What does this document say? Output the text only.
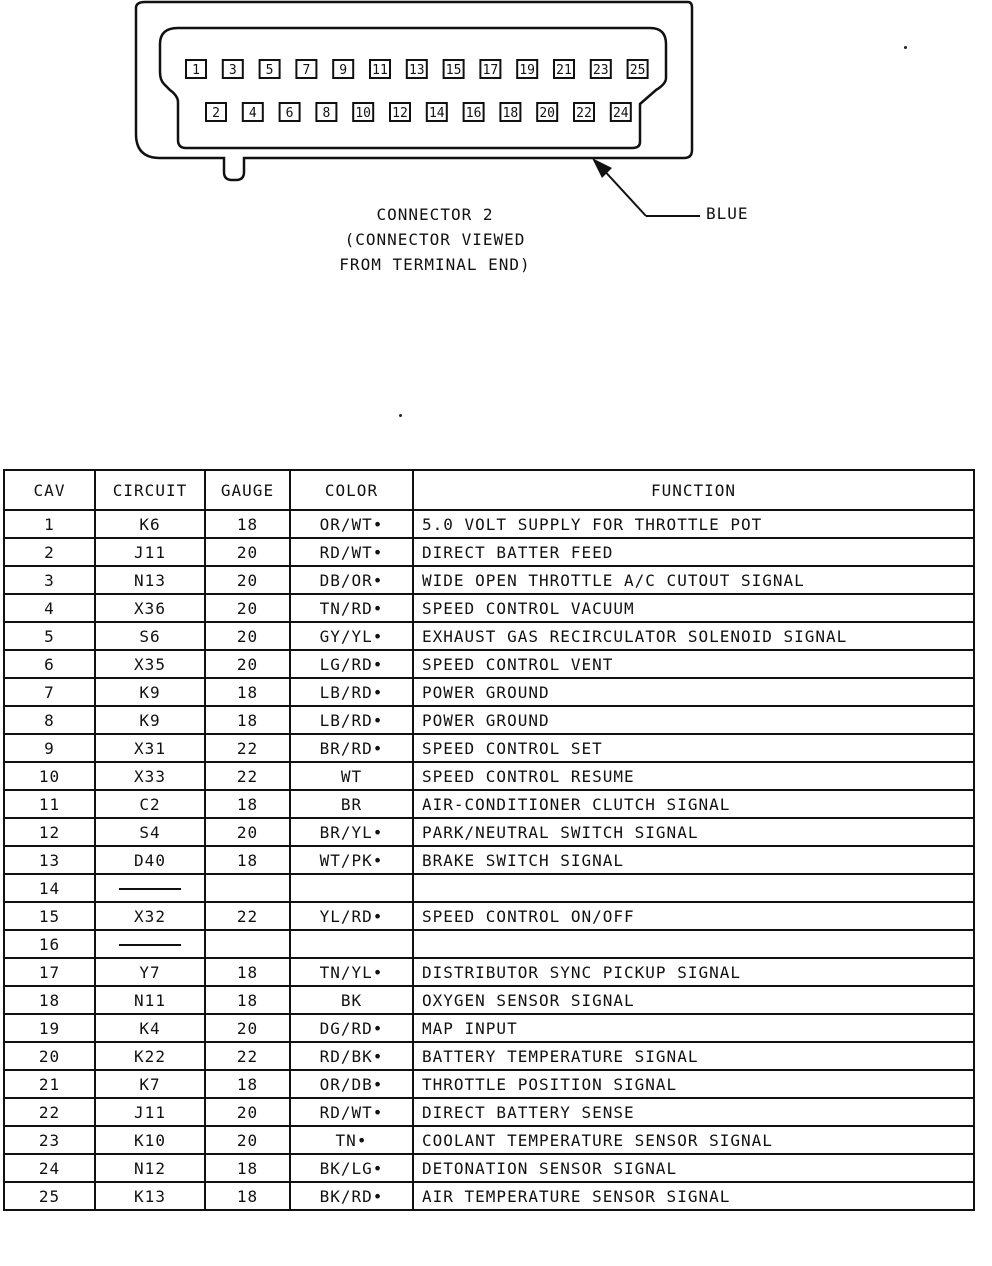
1 3 5 7 9 11 13 15 17 19 21 23 25
2 4 6 8 10 12 14 16 18 20 22 24
CONNECTOR 2
(CONNECTOR VIEWED
FROM TERMINAL END)
BLUE
CAV	CIRCUIT	GAUGE	COLOR	FUNCTION
1	K6	18	OR/WT•	5.0 VOLT SUPPLY FOR THROTTLE POT
2	J11	20	RD/WT•	DIRECT BATTER FEED
3	N13	20	DB/OR•	WIDE OPEN THROTTLE A/C CUTOUT SIGNAL
4	X36	20	TN/RD•	SPEED CONTROL VACUUM
5	S6	20	GY/YL•	EXHAUST GAS RECIRCULATOR SOLENOID SIGNAL
6	X35	20	LG/RD•	SPEED CONTROL VENT
7	K9	18	LB/RD•	POWER GROUND
8	K9	18	LB/RD•	POWER GROUND
9	X31	22	BR/RD•	SPEED CONTROL SET
10	X33	22	WT	SPEED CONTROL RESUME
11	C2	18	BR	AIR-CONDITIONER CLUTCH SIGNAL
12	S4	20	BR/YL•	PARK/NEUTRAL SWITCH SIGNAL
13	D40	18	WT/PK•	BRAKE SWITCH SIGNAL
14				
15	X32	22	YL/RD•	SPEED CONTROL ON/OFF
16				
17	Y7	18	TN/YL•	DISTRIBUTOR SYNC PICKUP SIGNAL
18	N11	18	BK	OXYGEN SENSOR SIGNAL
19	K4	20	DG/RD•	MAP INPUT
20	K22	22	RD/BK•	BATTERY TEMPERATURE SIGNAL
21	K7	18	OR/DB•	THROTTLE POSITION SIGNAL
22	J11	20	RD/WT•	DIRECT BATTERY SENSE
23	K10	20	TN•	COOLANT TEMPERATURE SENSOR SIGNAL
24	N12	18	BK/LG•	DETONATION SENSOR SIGNAL
25	K13	18	BK/RD•	AIR TEMPERATURE SENSOR SIGNAL
